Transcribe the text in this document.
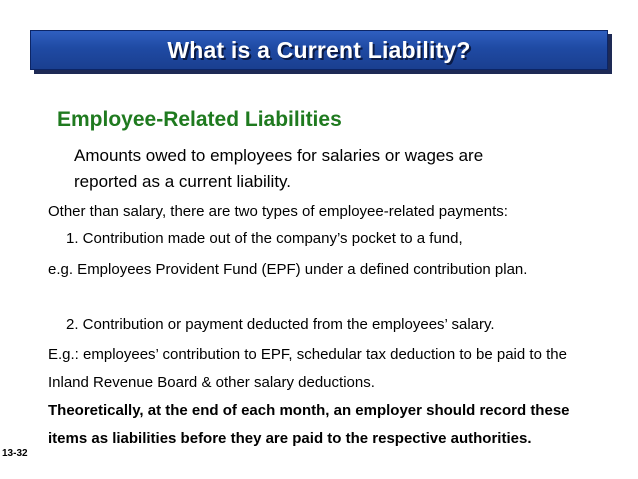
What is a Current Liability?
Employee-Related Liabilities
Amounts owed to employees for salaries or wages are
reported as a current liability.
Other than salary, there are two types of employee-related payments:
1. Contribution made out of the company’s pocket to a fund,
e.g. Employees Provident Fund (EPF) under a defined contribution plan.
2. Contribution or payment deducted from the employees’ salary.
E.g.: employees’ contribution to EPF, schedular tax deduction to be paid to the
Inland Revenue Board & other salary deductions.
Theoretically, at the end of each month, an employer should record these
items as liabilities before they are paid to the respective authorities.
13-32
